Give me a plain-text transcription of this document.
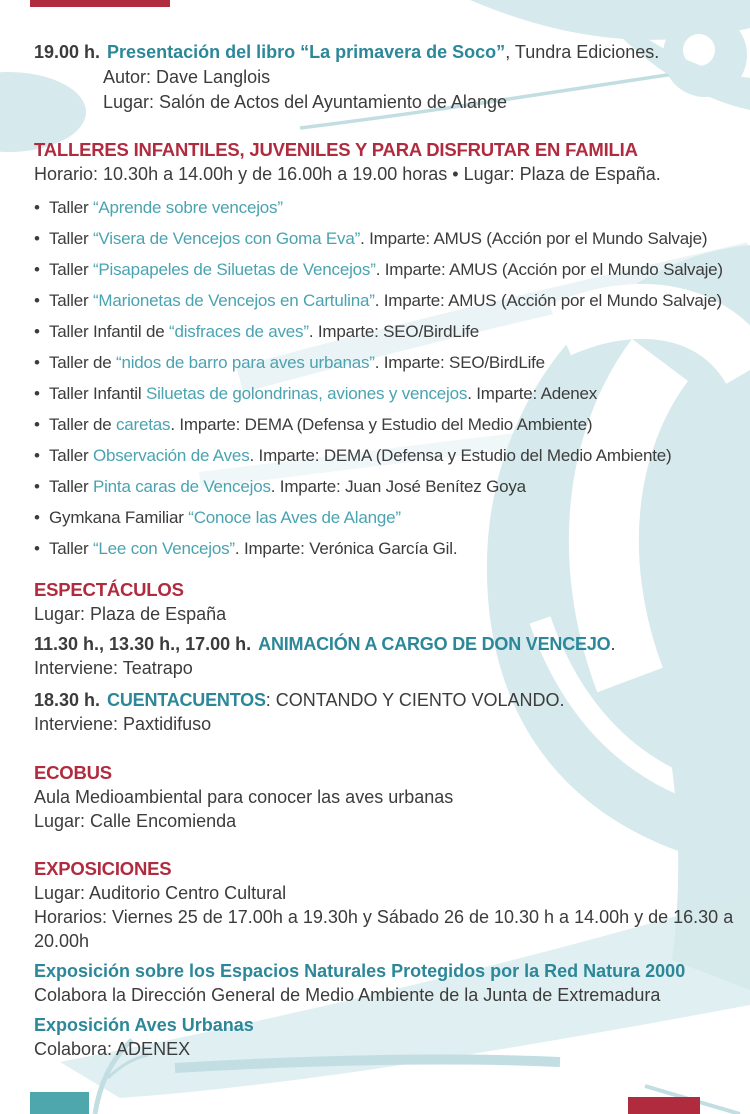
19.00 h. Presentación del libro “La primavera de Soco”, Tundra Ediciones.

Autor: Dave Langlois

Lugar: Salón de Actos del Ayuntamiento de Alange

TALLERES INFANTILES, JUVENILES Y PARA DISFRUTAR EN FAMILIA

Horario: 10.30h a 14.00h y de 16.00h a 19.00 horas • Lugar: Plaza de España.

• Taller “Aprende sobre vencejos”
• Taller “Visera de Vencejos con Goma Eva”. Imparte: AMUS (Acción por el Mundo Salvaje)
• Taller “Pisapapeles de Siluetas de Vencejos”. Imparte: AMUS (Acción por el Mundo Salvaje)
• Taller “Marionetas de Vencejos en Cartulina”. Imparte: AMUS (Acción por el Mundo Salvaje)
• Taller Infantil de “disfraces de aves”. Imparte: SEO/BirdLife
• Taller de “nidos de barro para aves urbanas”. Imparte: SEO/BirdLife
• Taller Infantil Siluetas de golondrinas, aviones y vencejos. Imparte: Adenex
• Taller de caretas. Imparte: DEMA (Defensa y Estudio del Medio Ambiente)
• Taller Observación de Aves. Imparte: DEMA (Defensa y Estudio del Medio Ambiente)
• Taller Pinta caras de Vencejos. Imparte: Juan José Benítez Goya
• Gymkana Familiar “Conoce las Aves de Alange”
• Taller “Lee con Vencejos”. Imparte: Verónica García Gil.

ESPECTÁCULOS

Lugar: Plaza de España

11.30 h., 13.30 h., 17.00 h. ANIMACIÓN A CARGO DE DON VENCEJO.

Interviene: Teatrapo

18.30 h. CUENTACUENTOS: CONTANDO Y CIENTO VOLANDO.

Interviene: Paxtidifuso

ECOBUS

Aula Medioambiental para conocer las aves urbanas

Lugar: Calle Encomienda

EXPOSICIONES

Lugar: Auditorio Centro Cultural

Horarios: Viernes 25 de 17.00h a 19.30h y Sábado 26 de 10.30 h a 14.00h y de 16.30 a 20.00h

Exposición sobre los Espacios Naturales Protegidos por la Red Natura 2000

Colabora la Dirección General de Medio Ambiente de la Junta de Extremadura

Exposición Aves Urbanas

Colabora: ADENEX
